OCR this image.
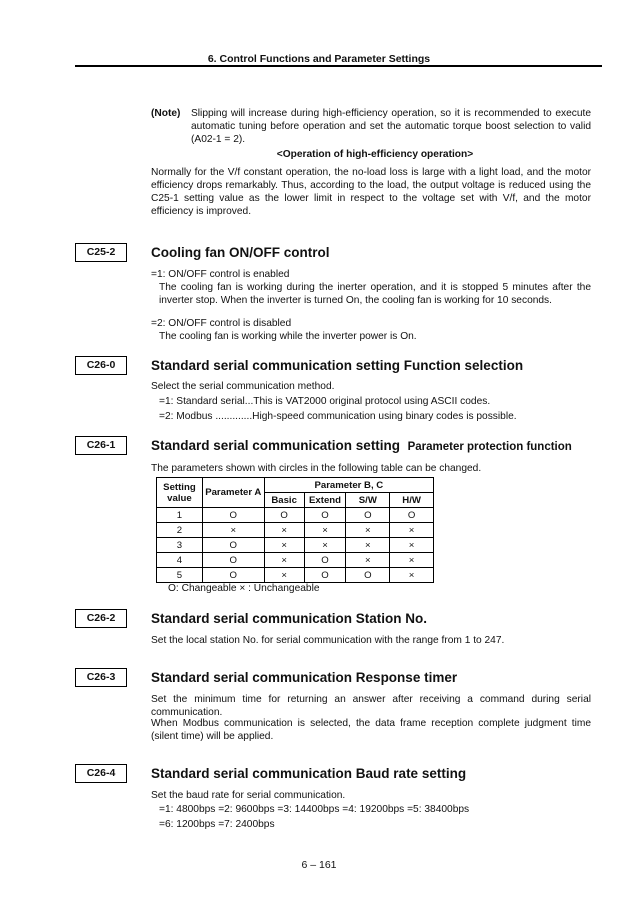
6. Control Functions and Parameter Settings
(Note)	Slipping will increase during high-efficiency operation, so it is recommended to execute automatic tuning before operation and set the automatic torque boost selection to valid (A02-1 = 2).
<Operation of high-efficiency operation>
Normally for the V/f constant operation, the no-load loss is large with a light load, and the motor efficiency drops remarkably. Thus, according to the load, the output voltage is reduced using the C25-1 setting value as the lower limit in respect to the voltage set with V/f, and the motor efficiency is improved.
C25-2	Cooling fan ON/OFF control
=1: ON/OFF control is enabled
The cooling fan is working during the inerter operation, and it is stopped 5 minutes after the inverter stop. When the inverter is turned On, the cooling fan is working for 10 seconds.
=2: ON/OFF control is disabled
The cooling fan is working while the inverter power is On.
C26-0	Standard serial communication setting Function selection
Select the serial communication method.
=1: Standard serial...This is VAT2000 original protocol using ASCII codes.
=2: Modbus .............High-speed communication using binary codes is possible.
C26-1	Standard serial communication setting Parameter protection function
The parameters shown with circles in the following table can be changed.
Setting value	Parameter A	Parameter B, C			
		Basic	Extend	S/W	H/W
1	O	O	O	O	O
2	×	×	×	×	×
3	O	×	×	×	×
4	O	×	O	×	×
5	O	×	O	O	×
O: Changeable × : Unchangeable
C26-2	Standard serial communication Station No.
Set the local station No. for serial communication with the range from 1 to 247.
C26-3	Standard serial communication Response timer
Set the minimum time for returning an answer after receiving a command during serial communication.
When Modbus communication is selected, the data frame reception complete judgment time (silent time) will be applied.
C26-4	Standard serial communication Baud rate setting
Set the baud rate for serial communication.
=1: 4800bps =2: 9600bps =3: 14400bps =4: 19200bps =5: 38400bps
=6: 1200bps =7: 2400bps
6 – 161
